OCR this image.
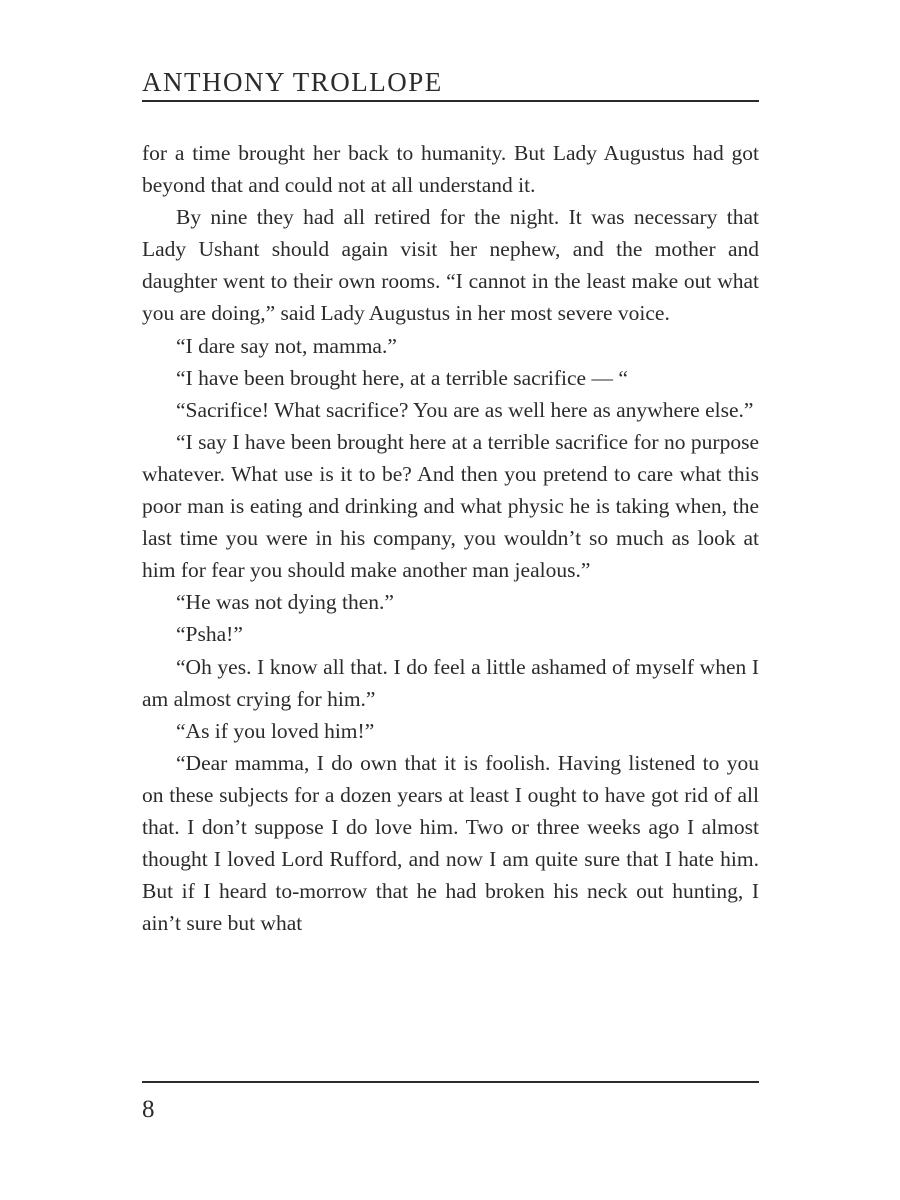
ANTHONY TROLLOPE

for a time brought her back to humanity. But Lady Augustus had got beyond that and could not at all understand it.

By nine they had all retired for the night. It was necessary that Lady Ushant should again visit her nephew, and the mother and daughter went to their own rooms. “I cannot in the least make out what you are doing,” said Lady Augustus in her most severe voice.

“I dare say not, mamma.”

“I have been brought here, at a terrible sacrifice — “

“Sacrifice! What sacrifice? You are as well here as anywhere else.”

“I say I have been brought here at a terrible sacrifice for no purpose whatever. What use is it to be? And then you pretend to care what this poor man is eating and drinking and what physic he is taking when, the last time you were in his company, you wouldn’t so much as look at him for fear you should make another man jealous.”

“He was not dying then.”

“Psha!”

“Oh yes. I know all that. I do feel a little ashamed of myself when I am almost crying for him.”

“As if you loved him!”

“Dear mamma, I do own that it is foolish. Having listened to you on these subjects for a dozen years at least I ought to have got rid of all that. I don’t suppose I do love him. Two or three weeks ago I almost thought I loved Lord Rufford, and now I am quite sure that I hate him. But if I heard to-morrow that he had broken his neck out hunting, I ain’t sure but what

8
